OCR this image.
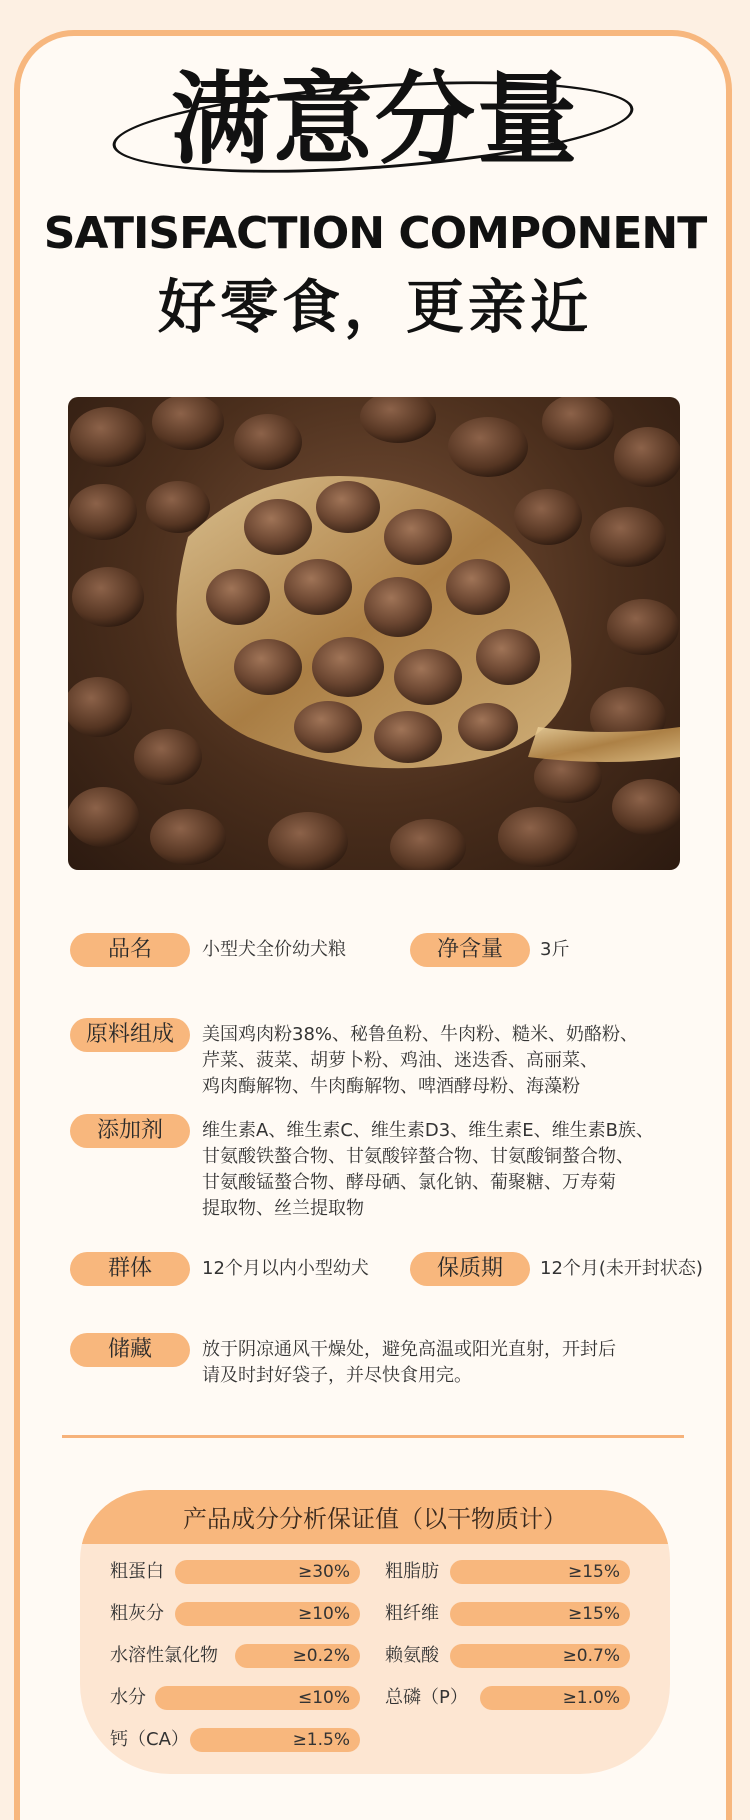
满意分量
SATISFACTION COMPONENT
好零食，更亲近
品名	小型犬全价幼犬粮	净含量	3斤
原料组成	美国鸡肉粉38%、秘鲁鱼粉、牛肉粉、糙米、奶酪粉、
芹菜、菠菜、胡萝卜粉、鸡油、迷迭香、高丽菜、
鸡肉酶解物、牛肉酶解物、啤酒酵母粉、海藻粉
添加剂	维生素A、维生素C、维生素D3、维生素E、维生素B族、
甘氨酸铁螯合物、甘氨酸锌螯合物、甘氨酸铜螯合物、
甘氨酸锰螯合物、酵母硒、氯化钠、葡聚糖、万寿菊
提取物、丝兰提取物
群体	12个月以内小型幼犬	保质期	12个月(未开封状态)
储藏	放于阴凉通风干燥处，避免高温或阳光直射，开封后
请及时封好袋子，并尽快食用完。
产品成分分析保证值（以干物质计）
粗蛋白	≥30%	粗脂肪	≥15%
粗灰分	≥10%	粗纤维	≥15%
水溶性氯化物	≥0.2%	赖氨酸	≥0.7%
水分	≤10%	总磷（P）	≥1.0%
钙（CA）	≥1.5%
